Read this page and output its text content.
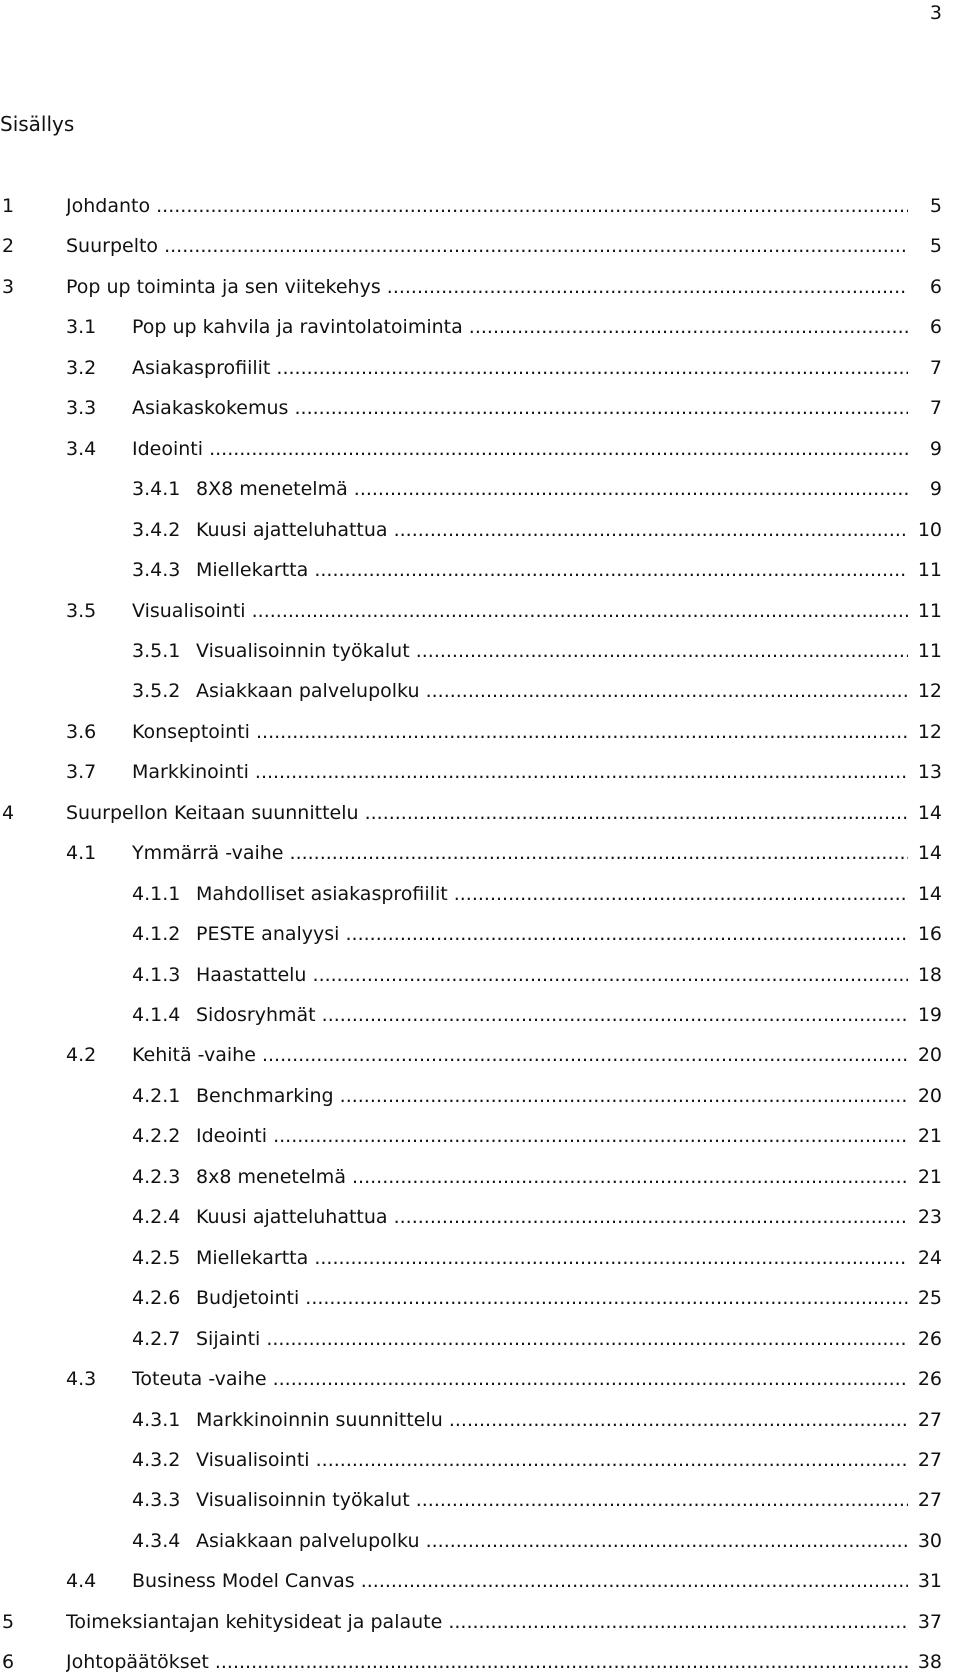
3
Sisällys
1	Johdanto .....	5
2	Suurpelto .....	5
3	Pop up toiminta ja sen viitekehys .....	6
3.1 Pop up kahvila ja ravintolatoiminta .....	6
3.2 Asiakasprofiilit .....	7
3.3 Asiakaskokemus .....	7
3.4 Ideointi .....	9
3.4.1 8X8 menetelmä .....	9
3.4.2 Kuusi ajatteluhattua .....	10
3.4.3 Miellekartta .....	11
3.5 Visualisointi .....	11
3.5.1 Visualisoinnin työkalut .....	11
3.5.2 Asiakkaan palvelupolku .....	12
3.6 Konseptointi .....	12
3.7 Markkinointi .....	13
4	Suurpellon Keitaan suunnittelu .....	14
4.1 Ymmärrä -vaihe .....	14
4.1.1 Mahdolliset asiakasprofiilit .....	14
4.1.2 PESTE analyysi .....	16
4.1.3 Haastattelu .....	18
4.1.4 Sidosryhmät .....	19
4.2 Kehitä -vaihe .....	20
4.2.1 Benchmarking .....	20
4.2.2 Ideointi .....	21
4.2.3 8x8 menetelmä .....	21
4.2.4 Kuusi ajatteluhattua .....	23
4.2.5 Miellekartta .....	24
4.2.6 Budjetointi .....	25
4.2.7 Sijainti .....	26
4.3 Toteuta -vaihe .....	26
4.3.1 Markkinoinnin suunnittelu .....	27
4.3.2 Visualisointi .....	27
4.3.3 Visualisoinnin työkalut .....	27
4.3.4 Asiakkaan palvelupolku .....	30
4.4 Business Model Canvas .....	31
5	Toimeksiantajan kehitysideat ja palaute .....	37
6	Johtopäätökset .....	38
